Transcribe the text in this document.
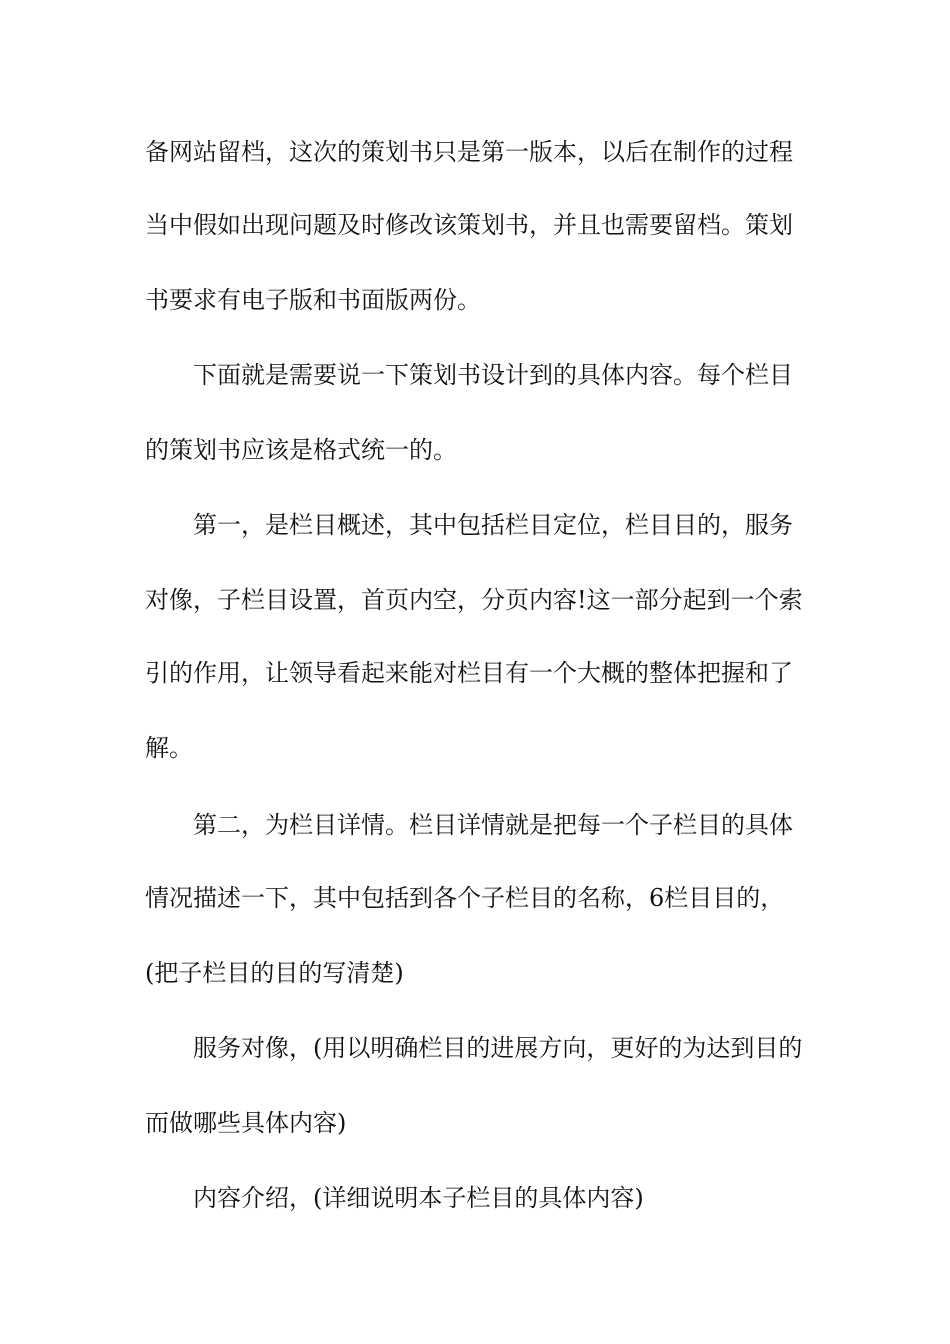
备网站留档，这次的策划书只是第一版本，以后在制作的过程
当中假如出现问题及时修改该策划书，并且也需要留档。策划
书要求有电子版和书面版两份。
下面就是需要说一下策划书设计到的具体内容。每个栏目
的策划书应该是格式统一的。
第一，是栏目概述，其中包括栏目定位，栏目目的，服务
对像，子栏目设置，首页内空，分页内容!这一部分起到一个索
引的作用，让领导看起来能对栏目有一个大概的整体把握和了
解。
第二，为栏目详情。栏目详情就是把每一个子栏目的具体
情况描述一下，其中包括到各个子栏目的名称，6栏目目的，
(把子栏目的目的写清楚)
服务对像，(用以明确栏目的进展方向，更好的为达到目的
而做哪些具体内容)
内容介绍，(详细说明本子栏目的具体内容)
